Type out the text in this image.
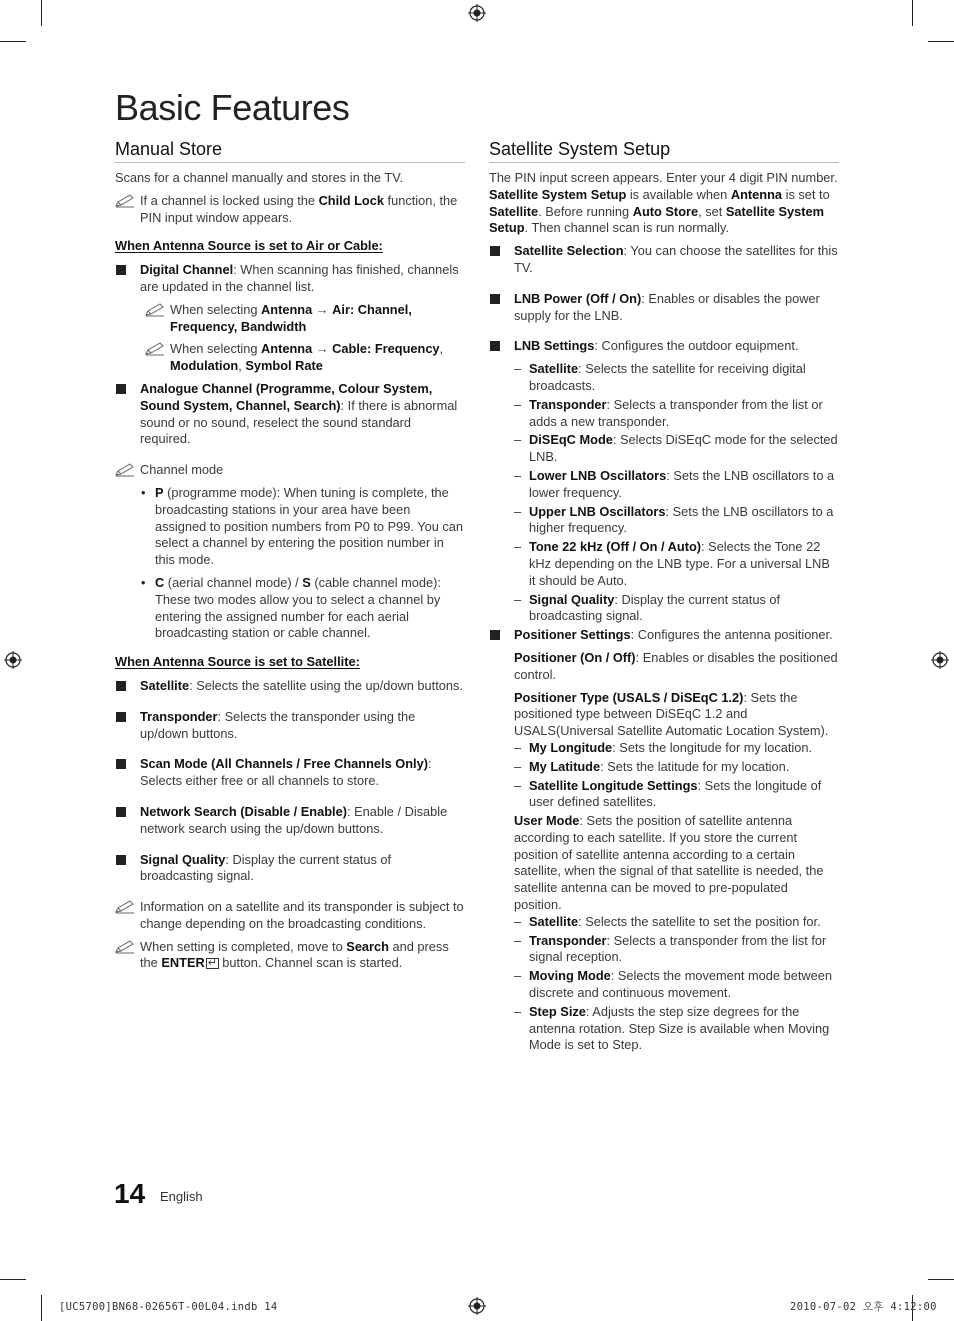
Basic Features
Manual Store

Scans for a channel manually and stores in the TV.

If a channel is locked using the Child Lock function, the PIN input window appears.
When Antenna Source is set to Air or Cable:
Digital Channel: When scanning has finished, channels are updated in the channel list.
When selecting Antenna → Air: Channel, Frequency, Bandwidth
When selecting Antenna → Cable: Frequency, Modulation, Symbol Rate
Analogue Channel (Programme, Colour System, Sound System, Channel, Search): If there is abnormal sound or no sound, reselect the sound standard required.
Channel mode
• P (programme mode): When tuning is complete, the broadcasting stations in your area have been assigned to position numbers from P0 to P99. You can select a channel by entering the position number in this mode.
• C (aerial channel mode) / S (cable channel mode): These two modes allow you to select a channel by entering the assigned number for each aerial broadcasting station or cable channel.
When Antenna Source is set to Satellite:
Satellite: Selects the satellite using the up/down buttons.
Transponder: Selects the transponder using the up/down buttons.
Scan Mode (All Channels / Free Channels Only): Selects either free or all channels to store.
Network Search (Disable / Enable): Enable / Disable network search using the up/down buttons.
Signal Quality: Display the current status of broadcasting signal.
Information on a satellite and its transponder is subject to change depending on the broadcasting conditions.
When setting is completed, move to Search and press the ENTER↵ button. Channel scan is started.
Satellite System Setup

The PIN input screen appears. Enter your 4 digit PIN number. Satellite System Setup is available when Antenna is set to Satellite. Before running Auto Store, set Satellite System Setup. Then channel scan is run normally.

Satellite Selection: You can choose the satellites for this TV.
LNB Power (Off / On): Enables or disables the power supply for the LNB.
LNB Settings: Configures the outdoor equipment.
– Satellite: Selects the satellite for receiving digital broadcasts.
– Transponder: Selects a transponder from the list or adds a new transponder.
– DiSEqC Mode: Selects DiSEqC mode for the selected LNB.
– Lower LNB Oscillators: Sets the LNB oscillators to a lower frequency.
– Upper LNB Oscillators: Sets the LNB oscillators to a higher frequency.
– Tone 22 kHz (Off / On / Auto): Selects the Tone 22 kHz depending on the LNB type. For a universal LNB it should be Auto.
– Signal Quality: Display the current status of broadcasting signal.
Positioner Settings: Configures the antenna positioner.

Positioner (On / Off): Enables or disables the positioned control.

Positioner Type (USALS / DiSEqC 1.2): Sets the positioned type between DiSEqC 1.2 and USALS(Universal Satellite Automatic Location System).

– My Longitude: Sets the longitude for my location.
– My Latitude: Sets the latitude for my location.
– Satellite Longitude Settings: Sets the longitude of user defined satellites.

User Mode: Sets the position of satellite antenna according to each satellite. If you store the current position of satellite antenna according to a certain satellite, when the signal of that satellite is needed, the satellite antenna can be moved to pre-populated position.

– Satellite: Selects the satellite to set the position for.
– Transponder: Selects a transponder from the list for signal reception.
– Moving Mode: Selects the movement mode between discrete and continuous movement.
– Step Size: Adjusts the step size degrees for the antenna rotation. Step Size is available when Moving Mode is set to Step.
14 English
[UC5700]BN68-02656T-00L04.indb 14	2010-07-02 오후 4:12:00
